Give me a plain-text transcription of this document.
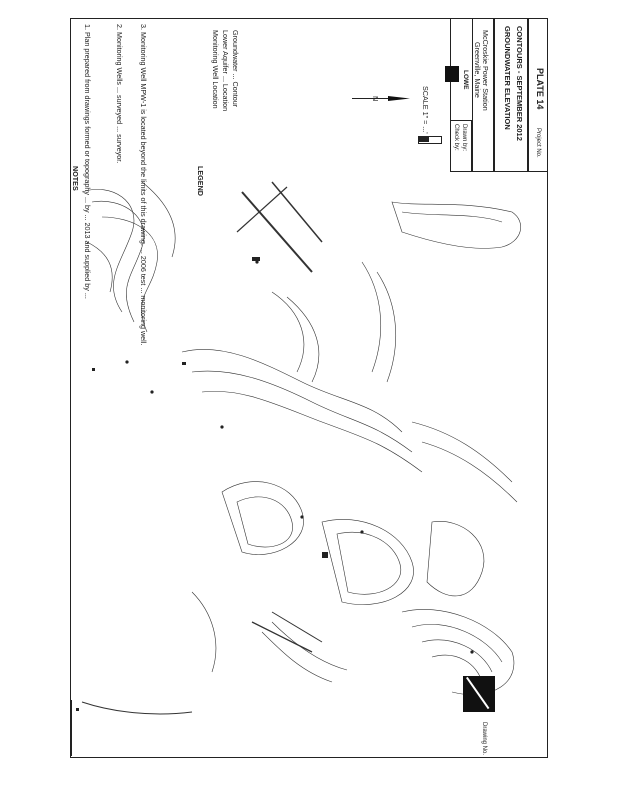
NOTES 1. Plan prepared from drawings formed or topography ... by ... 2013 and supplied by ...	2. Monitoring Wells ... surveyed ... surveyor. 3. Monitoring Well MPW-1 is located beyond the limits of this drawing. ... 2006 test ... monitoring well.	LEGEND
Monitoring Well Location Lower Aquifer ... Location Groundwater ... Contour	N	SCALE 1" = ...'
Drawn by:
Check by:
LOWE McCroskie Power Station
Greenville, Maine	GROUNDWATER ELEVATION CONTOURS - SEPTEMBER 2012 PLATE 14
Project No.
Drawing No.
